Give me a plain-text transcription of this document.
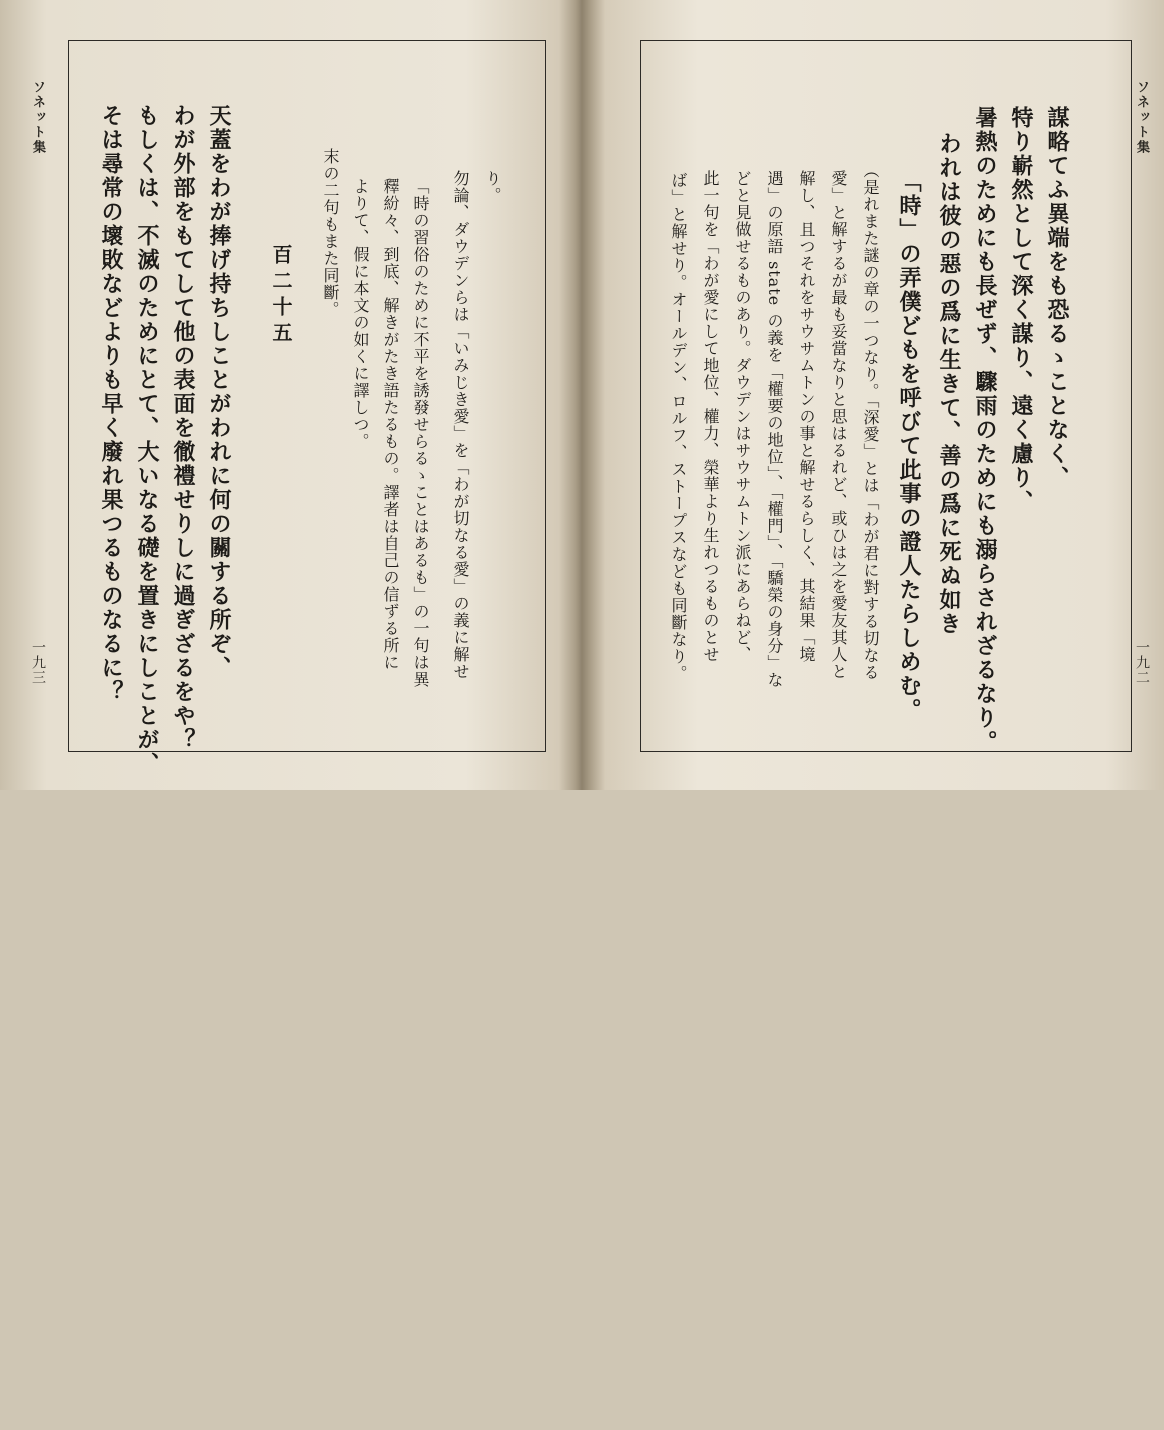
ソネット集
一九三 そは尋常の壞敗などよりも早く廢れ果つるものなるに？ もしくは、不滅のためにとて、大いなる礎を置きにしことが、 わが外部をもてして他の表面を徹禮せりしに過ぎざるをや？ 天蓋をわが捧げ持ちしことがわれに何の關する所ぞ、 百二十五 末の二句もまた同斷。 よりて、假に本文の如くに譯しつ。 釋紛々、到底、解きがたき語たるもの。譯者は自己の信ずる所に 「時の習俗のために不平を誘發せらるゝことはあるも」の一句は異 勿論、ダウデンらは「いみじき愛」を「わが切なる愛」の義に解せ り。	ば」と解せり。オールデン、ロルフ、ストープスなども同斷なり。 此一句を「わが愛にして地位、權力、榮華より生れつるものとせ どと見做せるものあり。ダウデンはサウサムトン派にあらねど、 遇」の原語 state の義を「權要の地位」、「權門」、「驕榮の身分」な 解し、且つそれをサウサムトンの事と解せるらしく、其結果「境 愛」と解するが最も妥當なりと思はるれど、或ひは之を愛友其人と （是れまた謎の章の一つなり。「深愛」とは「わが君に對する切なる 「時」の弄僕どもを呼びて此事の證人たらしめむ。 われは彼の惡の爲に生きて、善の爲に死ぬ如き 暑熱のためにも長ぜず、驟雨のためにも溺らされざるなり。 特り嶄然として深く謀り、遠く慮り、 謀略てふ異端をも恐るゝことなく、	ソネット集
一九二
